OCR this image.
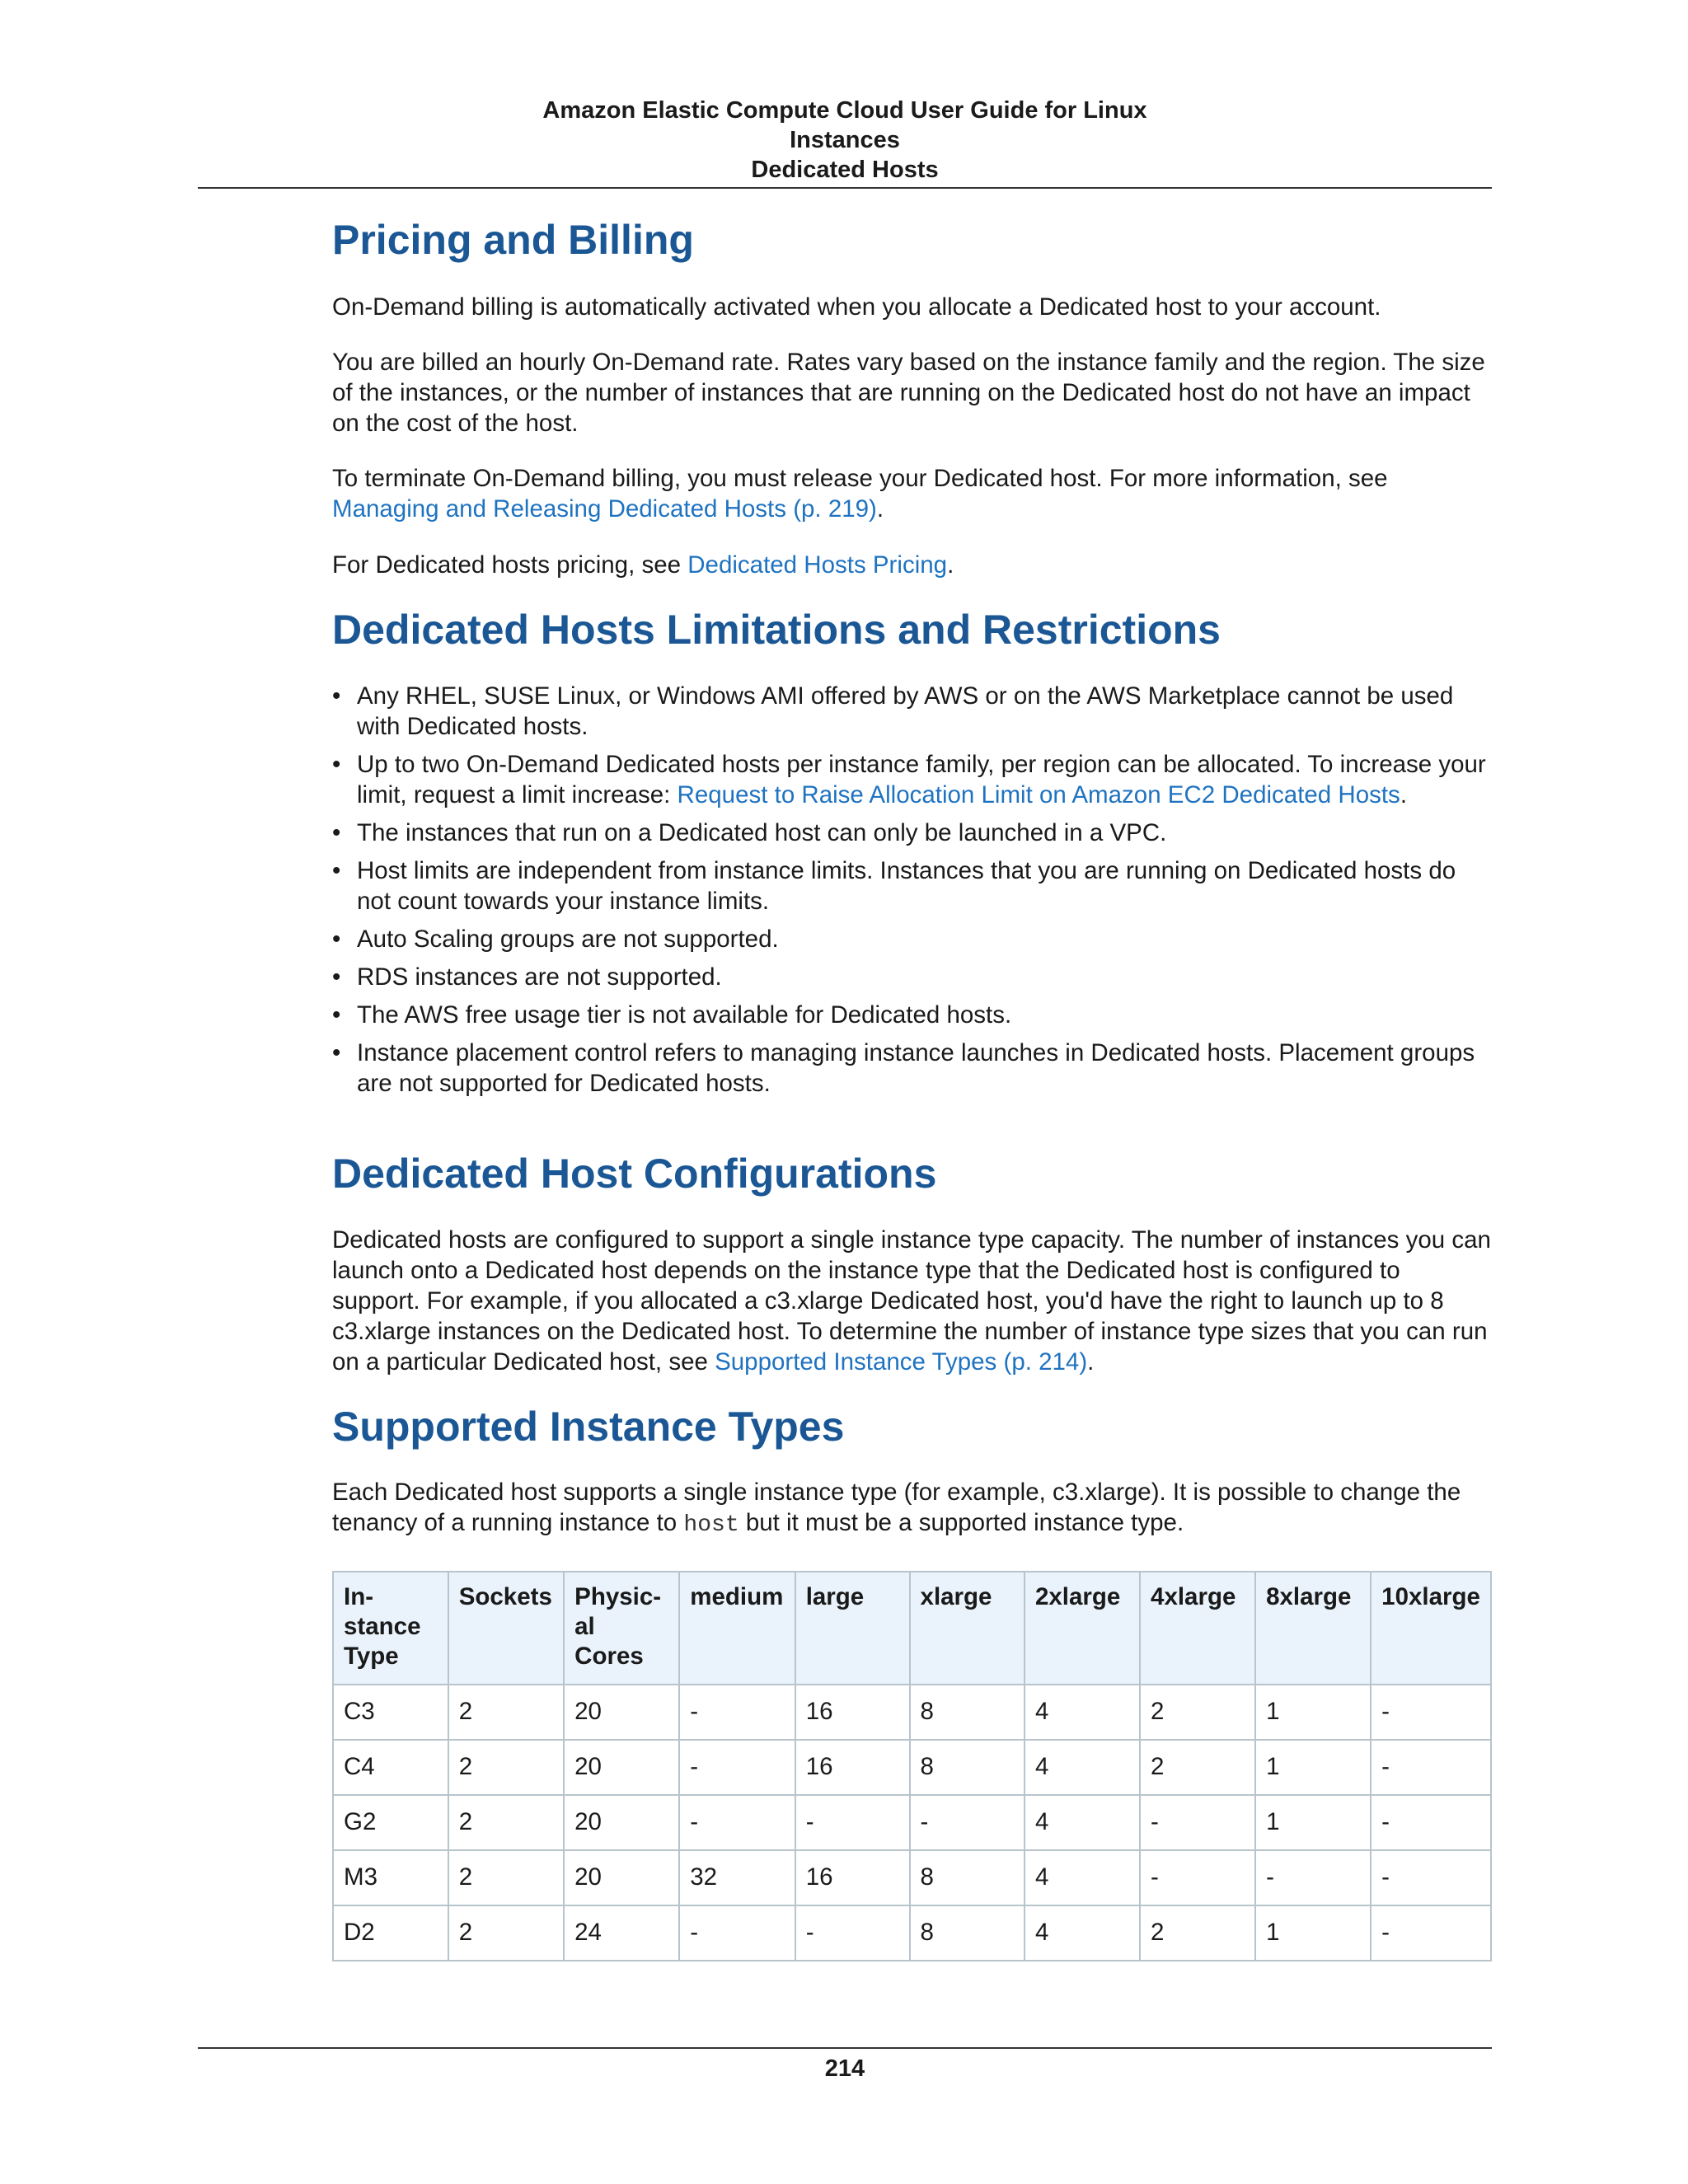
Amazon Elastic Compute Cloud User Guide for Linux
Instances
Dedicated Hosts
Pricing and Billing

On-Demand billing is automatically activated when you allocate a Dedicated host to your account.

You are billed an hourly On-Demand rate. Rates vary based on the instance family and the region. The size of the instances, or the number of instances that are running on the Dedicated host do not have an impact on the cost of the host.

To terminate On-Demand billing, you must release your Dedicated host. For more information, see Managing and Releasing Dedicated Hosts (p. 219).

For Dedicated hosts pricing, see Dedicated Hosts Pricing.

Dedicated Hosts Limitations and Restrictions
• Any RHEL, SUSE Linux, or Windows AMI offered by AWS or on the AWS Marketplace cannot be used with Dedicated hosts.
• Up to two On-Demand Dedicated hosts per instance family, per region can be allocated. To increase your limit, request a limit increase: Request to Raise Allocation Limit on Amazon EC2 Dedicated Hosts.
• The instances that run on a Dedicated host can only be launched in a VPC.
• Host limits are independent from instance limits. Instances that you are running on Dedicated hosts do not count towards your instance limits.
• Auto Scaling groups are not supported.
• RDS instances are not supported.
• The AWS free usage tier is not available for Dedicated hosts.
• Instance placement control refers to managing instance launches in Dedicated hosts. Placement groups are not supported for Dedicated hosts.
Dedicated Host Configurations

Dedicated hosts are configured to support a single instance type capacity. The number of instances you can launch onto a Dedicated host depends on the instance type that the Dedicated host is configured to support. For example, if you allocated a c3.xlarge Dedicated host, you'd have the right to launch up to 8 c3.xlarge instances on the Dedicated host. To determine the number of instance type sizes that you can run on a particular Dedicated host, see Supported Instance Types (p. 214).

Supported Instance Types

Each Dedicated host supports a single instance type (for example, c3.xlarge). It is possible to change the tenancy of a running instance to host but it must be a supported instance type.

In-
stance
Type	Sockets	Physic-
al
Cores	medium	large	xlarge	2xlarge	4xlarge	8xlarge	10xlarge
C3	2	20	-	16	8	4	2	1	-
C4	2	20	-	16	8	4	2	1	-
G2	2	20	-	-	-	4	-	1	-
M3	2	20	32	16	8	4	-	-	-
D2	2	24	-	-	8	4	2	1	-
214
